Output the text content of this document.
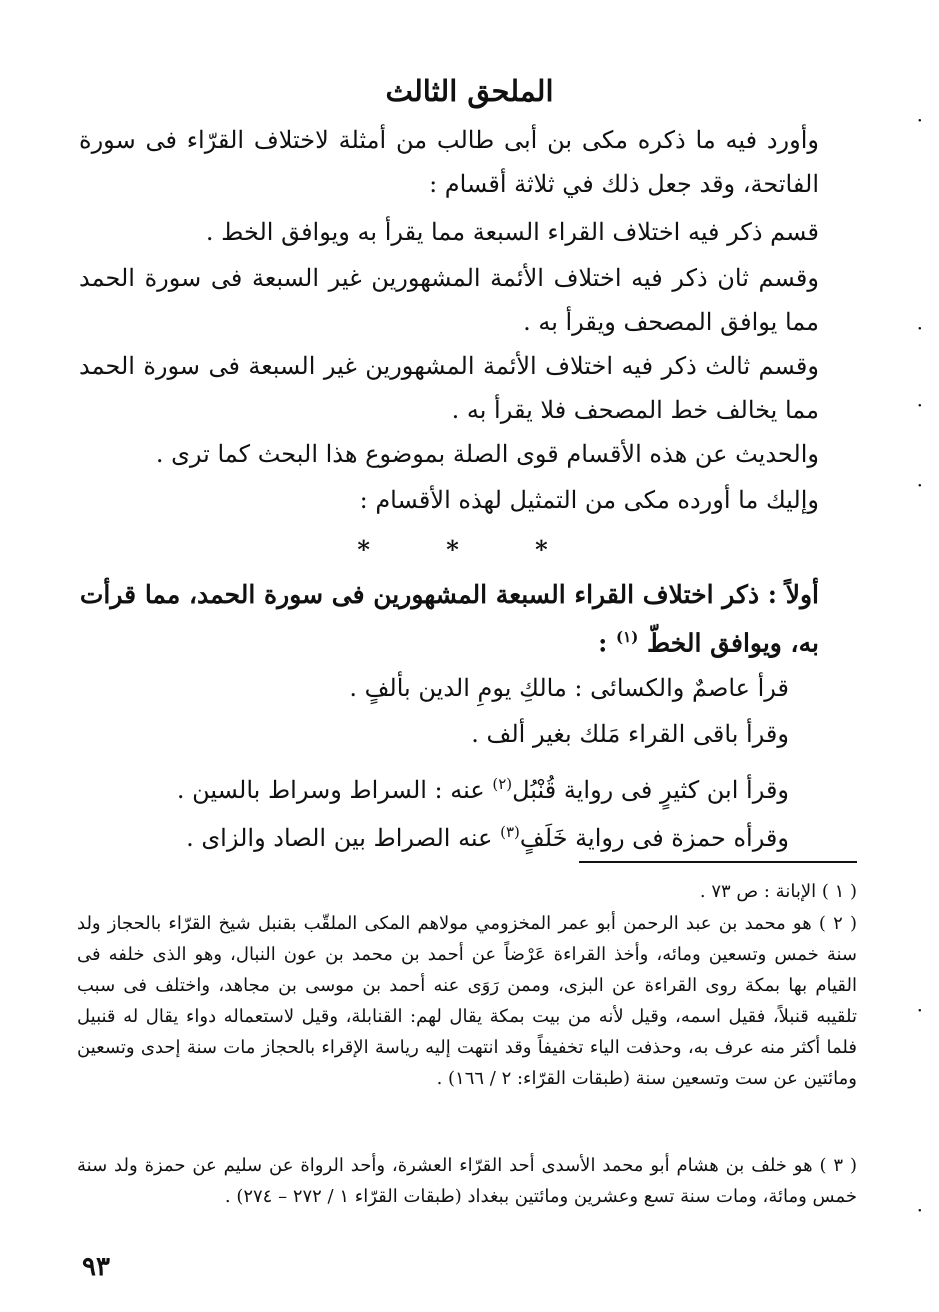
الملحق الثالث
وأورد فيه ما ذكره مكى بن أبى طالب من أمثلة لاختلاف القرّاء فى سورة الفاتحة، وقد جعل ذلك في ثلاثة أقسام :
قسم ذكر فيه اختلاف القراء السبعة مما يقرأ به ويوافق الخط .
وقسم ثان ذكر فيه اختلاف الأئمة المشهورين غير السبعة فى سورة الحمد مما يوافق المصحف ويقرأ به .
وقسم ثالث ذكر فيه اختلاف الأئمة المشهورين غير السبعة فى سورة الحمد مما يخالف خط المصحف فلا يقرأ به .
والحديث عن هذه الأقسام قوى الصلة بموضوع هذا البحث كما ترى .
وإليك ما أورده مكى من التمثيل لهذه الأقسام :
* * *
أولاً : ذكر اختلاف القراء السبعة المشهورين فى سورة الحمد، مما قرأت به، ويوافق الخطّ $^{(١)}$ :
قرأ عاصمٌ والكسائى : مالكِ يومِ الدين بألفٍ .
وقرأ باقى القراء مَلك بغير ألف .
وقرأ ابن كثيرٍ فى رواية قُنْبُل$^{(٢)}$ عنه : السراط وسراط بالسين .
وقرأه حمزة فى رواية خَلَفٍ$^{(٣)}$ عنه الصراط بين الصاد والزاى .
( ١ ) الإبانة : ص ٧٣ .
( ٢ ) هو محمد بن عبد الرحمن أبو عمر المخزومي مولاهم المكى الملقّب بقنبل شيخ القرّاء بالحجاز ولد سنة خمس وتسعين ومائه، وأخذ القراءة عَرْضاً عن أحمد بن محمد بن عون النبال، وهو الذى خلفه فى القيام بها بمكة روى القراءة عن البزى، وممن رَوَى عنه أحمد بن موسى بن مجاهد، واختلف فى سبب تلقيبه قنبلاً، فقيل اسمه، وقيل لأنه من بيت بمكة يقال لهم: القنابلة، وقيل لاستعماله دواء يقال له قنبيل فلما أكثر منه عرف به، وحذفت الياء تخفيفاً وقد انتهت إليه رياسة الإقراء بالحجاز مات سنة إحدى وتسعين ومائتين عن ست وتسعين سنة (طبقات القرّاء: ٢ / ١٦٦) .
( ٣ ) هو خلف بن هشام أبو محمد الأسدى أحد القرّاء العشرة، وأحد الرواة عن سليم عن حمزة ولد سنة خمس ومائة، ومات سنة تسع وعشرين ومائتين ببغداد (طبقات القرّاء ١ / ٢٧٢ – ٢٧٤) .
٩٣
·
·
·
·
·
·
